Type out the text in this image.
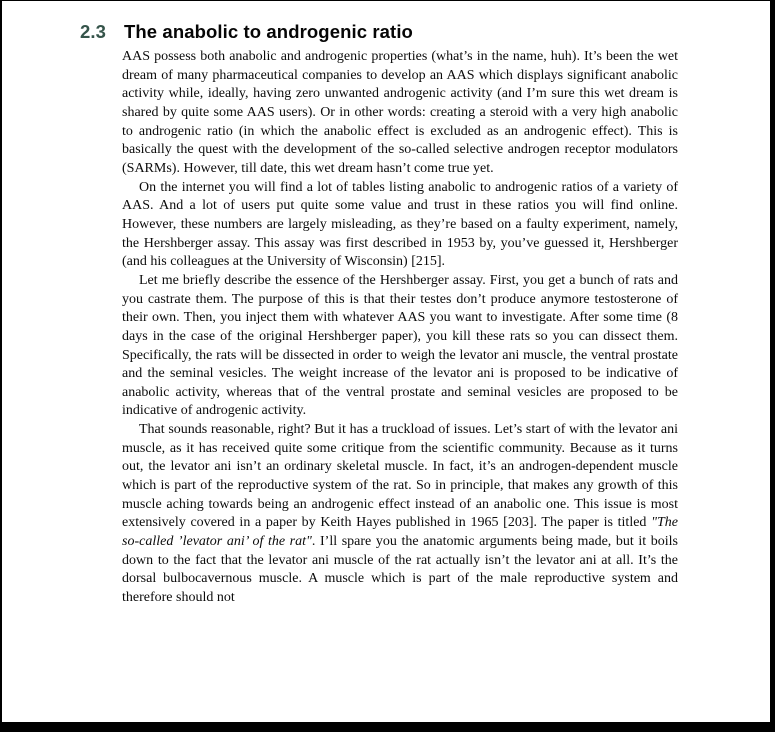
2.3 The anabolic to androgenic ratio

AAS possess both anabolic and androgenic properties (what’s in the name, huh). It’s been the wet dream of many pharmaceutical companies to develop an AAS which displays significant anabolic activity while, ideally, having zero unwanted androgenic activity (and I’m sure this wet dream is shared by quite some AAS users). Or in other words: creating a steroid with a very high anabolic to androgenic ratio (in which the anabolic effect is excluded as an androgenic effect). This is basically the quest with the development of the so-called selective androgen receptor modulators (SARMs). However, till date, this wet dream hasn’t come true yet.

On the internet you will find a lot of tables listing anabolic to androgenic ratios of a variety of AAS. And a lot of users put quite some value and trust in these ratios you will find online. However, these numbers are largely misleading, as they’re based on a faulty experiment, namely, the Hershberger assay. This assay was first described in 1953 by, you’ve guessed it, Hershberger (and his colleagues at the University of Wisconsin) [215].

Let me briefly describe the essence of the Hershberger assay. First, you get a bunch of rats and you castrate them. The purpose of this is that their testes don’t produce anymore testosterone of their own. Then, you inject them with whatever AAS you want to investigate. After some time (8 days in the case of the original Hershberger paper), you kill these rats so you can dissect them. Specifically, the rats will be dissected in order to weigh the levator ani muscle, the ventral prostate and the seminal vesicles. The weight increase of the levator ani is proposed to be indicative of anabolic activity, whereas that of the ventral prostate and seminal vesicles are proposed to be indicative of androgenic activity.

That sounds reasonable, right? But it has a truckload of issues. Let’s start of with the levator ani muscle, as it has received quite some critique from the scientific community. Because as it turns out, the levator ani isn’t an ordinary skeletal muscle. In fact, it’s an androgen-dependent muscle which is part of the reproductive system of the rat. So in principle, that makes any growth of this muscle aching towards being an androgenic effect instead of an anabolic one. This issue is most extensively covered in a paper by Keith Hayes published in 1965 [203]. The paper is titled "The so-called ’levator ani’ of the rat". I’ll spare you the anatomic arguments being made, but it boils down to the fact that the levator ani muscle of the rat actually isn’t the levator ani at all. It’s the dorsal bulbocavernous muscle. A muscle which is part of the male reproductive system and therefore should not
